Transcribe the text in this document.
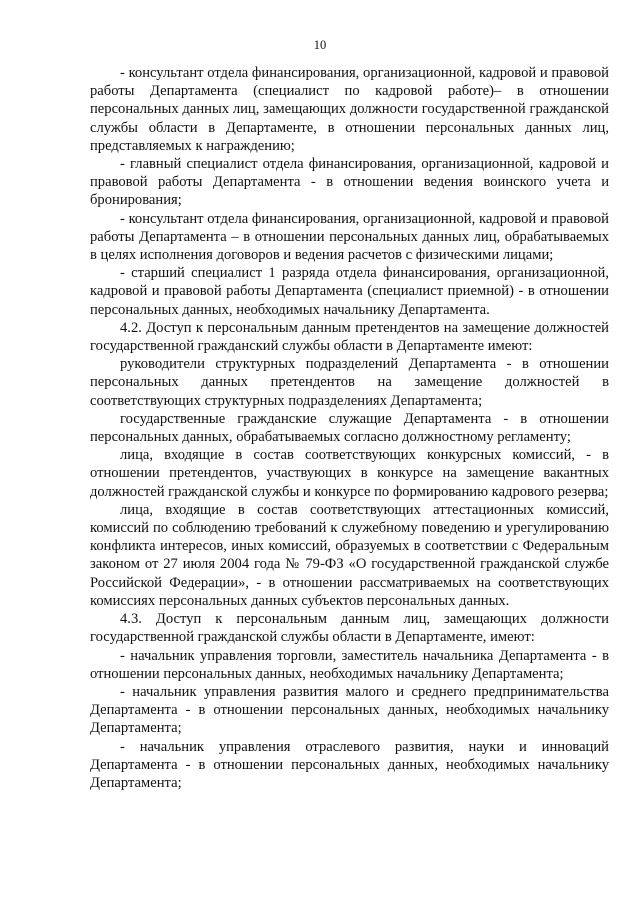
10

- консультант отдела финансирования, организационной, кадровой и правовой работы Департамента (специалист по кадровой работе)– в отношении персональных данных лиц, замещающих должности государственной гражданской службы области в Департаменте, в отношении персональных данных лиц, представляемых к награждению;

- главный специалист отдела финансирования, организационной, кадровой и правовой работы Департамента - в отношении ведения воинского учета и бронирования;

- консультант отдела финансирования, организационной, кадровой и правовой работы Департамента – в отношении персональных данных лиц, обрабатываемых в целях исполнения договоров и ведения расчетов с физическими лицами;

- старший специалист 1 разряда отдела финансирования, организационной, кадровой и правовой работы Департамента (специалист приемной) - в отношении персональных данных, необходимых начальнику Департамента.

4.2. Доступ к персональным данным претендентов на замещение должностей государственной гражданский службы области в Департаменте имеют:

руководители структурных подразделений Департамента - в отношении персональных данных претендентов на замещение должностей в соответствующих структурных подразделениях Департамента;

государственные гражданские служащие Департамента - в отношении персональных данных, обрабатываемых согласно должностному регламенту;

лица, входящие в состав соответствующих конкурсных комиссий, - в отношении претендентов, участвующих в конкурсе на замещение вакантных должностей гражданской службы и конкурсе по формированию кадрового резерва;

лица, входящие в состав соответствующих аттестационных комиссий, комиссий по соблюдению требований к служебному поведению и урегулированию конфликта интересов, иных комиссий, образуемых в соответствии с Федеральным законом от 27 июля 2004 года № 79-ФЗ «О государственной гражданской службе Российской Федерации», - в отношении рассматриваемых на соответствующих комиссиях персональных данных субъектов персональных данных.

4.3. Доступ к персональным данным лиц, замещающих должности государственной гражданской службы области в Департаменте, имеют:

- начальник управления торговли, заместитель начальника Департамента - в отношении персональных данных, необходимых начальнику Департамента;

- начальник управления развития малого и среднего предпринимательства Департамента - в отношении персональных данных, необходимых начальнику Департамента;

- начальник управления отраслевого развития, науки и инноваций Департамента - в отношении персональных данных, необходимых начальнику Департамента;
